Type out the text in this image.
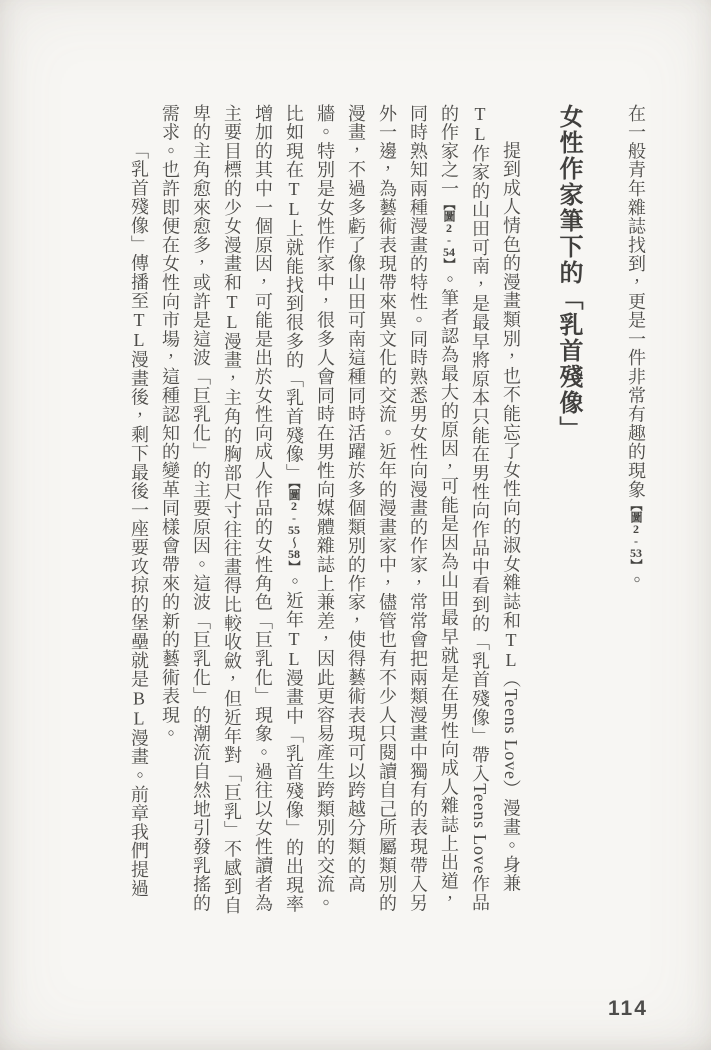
在一般青年雜誌找到，更是一件非常有趣的現象【圖2-53】。

女性作家筆下的「乳首殘像」

提到成人情色的漫畫類別，也不能忘了女性向的淑女雜誌和TL（Teens Love）漫畫。身兼TL作家的山田可南，是最早將原本只能在男性向作品中看到的「乳首殘像」帶入Teens Love作品的作家之一【圖2-54】。筆者認為最大的原因，可能是因為山田最早就是在男性向成人雜誌上出道，同時熟知兩種漫畫的特性。同時熟悉男女性向漫畫的作家，常常會把兩類漫畫中獨有的表現帶入另外一邊，為藝術表現帶來異文化的交流。近年的漫畫家中，儘管也有不少人只閱讀自己所屬類別的漫畫，不過多虧了像山田可南這種同時活躍於多個類別的作家，使得藝術表現可以跨越分類的高牆。特別是女性作家中，很多人會同時在男性向媒體雜誌上兼差，因此更容易產生跨類別的交流。比如現在TL上就能找到很多的「乳首殘像」【圖2-55〜58】。近年TL漫畫中「乳首殘像」的出現率增加的其中一個原因，可能是出於女性向成人作品的女性角色「巨乳化」現象。過往以女性讀者為主要目標的少女漫畫和TL漫畫，主角的胸部尺寸往往畫得比較收斂，但近年對「巨乳」不感到自卑的主角愈來愈多，或許是這波「巨乳化」的主要原因。這波「巨乳化」的潮流自然地引發乳搖的需求。也許即便在女性向市場，這種認知的變革同樣會帶來的新的藝術表現。

「乳首殘像」傳播至TL漫畫後，剩下最後一座要攻掠的堡壘就是BL漫畫。前章我們提過

114
